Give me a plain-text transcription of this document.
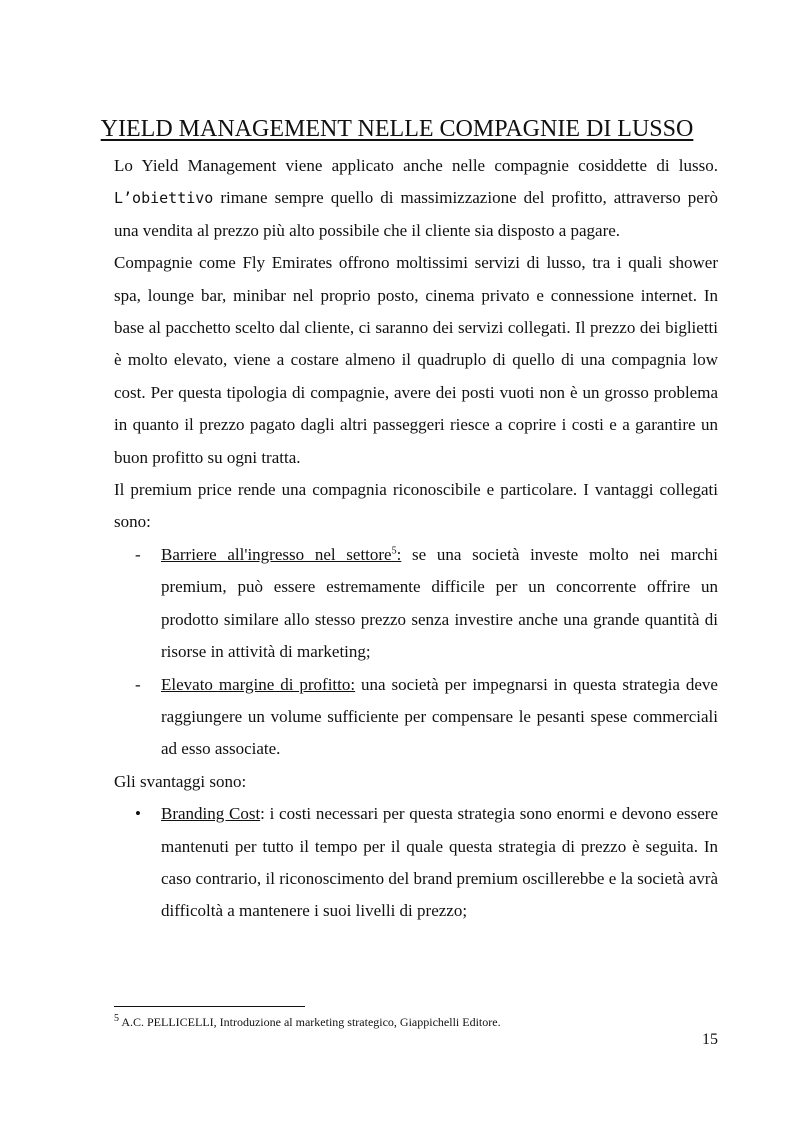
YIELD MANAGEMENT NELLE COMPAGNIE DI LUSSO

Lo Yield Management viene applicato anche nelle compagnie cosiddette di lusso. L’obiettivo rimane sempre quello di massimizzazione del profitto, attraverso però una vendita al prezzo più alto possibile che il cliente sia disposto a pagare.

Compagnie come Fly Emirates offrono moltissimi servizi di lusso, tra i quali shower spa, lounge bar, minibar nel proprio posto, cinema privato e connessione internet. In base al pacchetto scelto dal cliente, ci saranno dei servizi collegati. Il prezzo dei biglietti è molto elevato, viene a costare almeno il quadruplo di quello di una compagnia low cost. Per questa tipologia di compagnie, avere dei posti vuoti non è un grosso problema in quanto il prezzo pagato dagli altri passeggeri riesce a coprire i costi e a garantire un buon profitto su ogni tratta.

Il premium price rende una compagnia riconoscibile e particolare. I vantaggi collegati sono:

- Barriere all'ingresso nel settore$^5$: se una società investe molto nei marchi premium, può essere estremamente difficile per un concorrente offrire un prodotto similare allo stesso prezzo senza investire anche una grande quantità di risorse in attività di marketing;
- Elevato margine di profitto: una società per impegnarsi in questa strategia deve raggiungere un volume sufficiente per compensare le pesanti spese commerciali ad esso associate.

Gli svantaggi sono:

• Branding Cost: i costi necessari per questa strategia sono enormi e devono essere mantenuti per tutto il tempo per il quale questa strategia di prezzo è seguita. In caso contrario, il riconoscimento del brand premium oscillerebbe e la società avrà difficoltà a mantenere i suoi livelli di prezzo;
$^5$ A.C. PELLICELLI, Introduzione al marketing strategico, Giappichelli Editore.
15
